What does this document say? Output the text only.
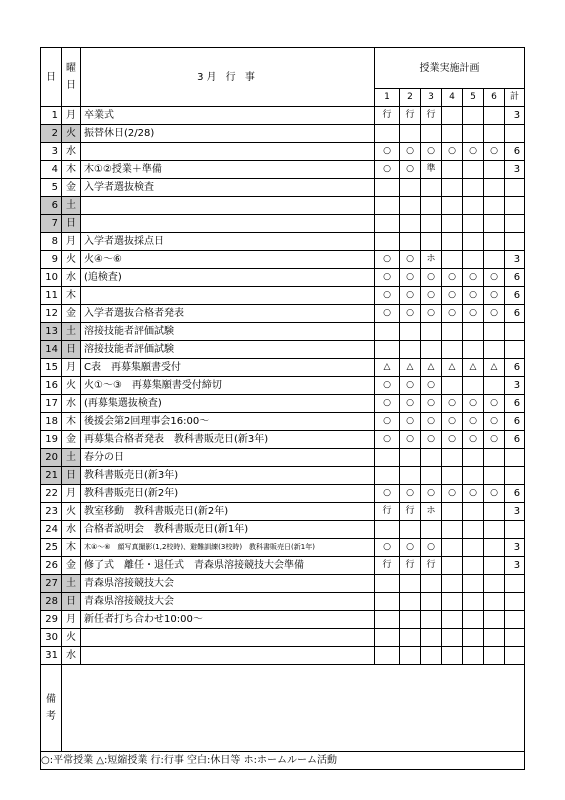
日	曜
日	3月 行 事	授業実施計画						
			1	2	3	4	5	6	計
1	月	卒業式	行	行	行				3
2	火	振替休日(2/28)							
3	水		○	○	○	○	○	○	6
4	木	木①②授業＋準備	○	○	準				3
5	金	入学者選抜検査							
6	土								
7	日								
8	月	入学者選抜採点日							
9	火	火④～⑥	○	○	ホ				3
10	水	(追検査)	○	○	○	○	○	○	6
11	木		○	○	○	○	○	○	6
12	金	入学者選抜合格者発表	○	○	○	○	○	○	6
13	土	溶接技能者評価試験							
14	日	溶接技能者評価試験							
15	月	C表　再募集願書受付	△	△	△	△	△	△	6
16	火	火①～③　再募集願書受付締切	○	○	○				3
17	水	(再募集選抜検査)	○	○	○	○	○	○	6
18	木	後援会第2回理事会16:00～	○	○	○	○	○	○	6
19	金	再募集合格者発表　教科書販売日(新3年)	○	○	○	○	○	○	6
20	土	春分の日							
21	日	教科書販売日(新3年)							
22	月	教科書販売日(新2年)	○	○	○	○	○	○	6
23	火	教室移動　教科書販売日(新2年)	行	行	ホ				3
24	水	合格者説明会　教科書販売日(新1年)							
25	木	木④～⑥　顔写真撮影(1,2校時)、避難訓練(3校時)　教科書販売日(新1年)	○	○	○				3
26	金	修了式　離任・退任式　青森県溶接競技大会準備	行	行	行				3
27	土	青森県溶接競技大会							
28	日	青森県溶接競技大会							
29	月	新任者打ち合わせ10:00～							
30	火								
31	水								
備
考	
○:平常授業 △:短縮授業 行:行事 空白:休日等 ホ:ホームルーム活動
